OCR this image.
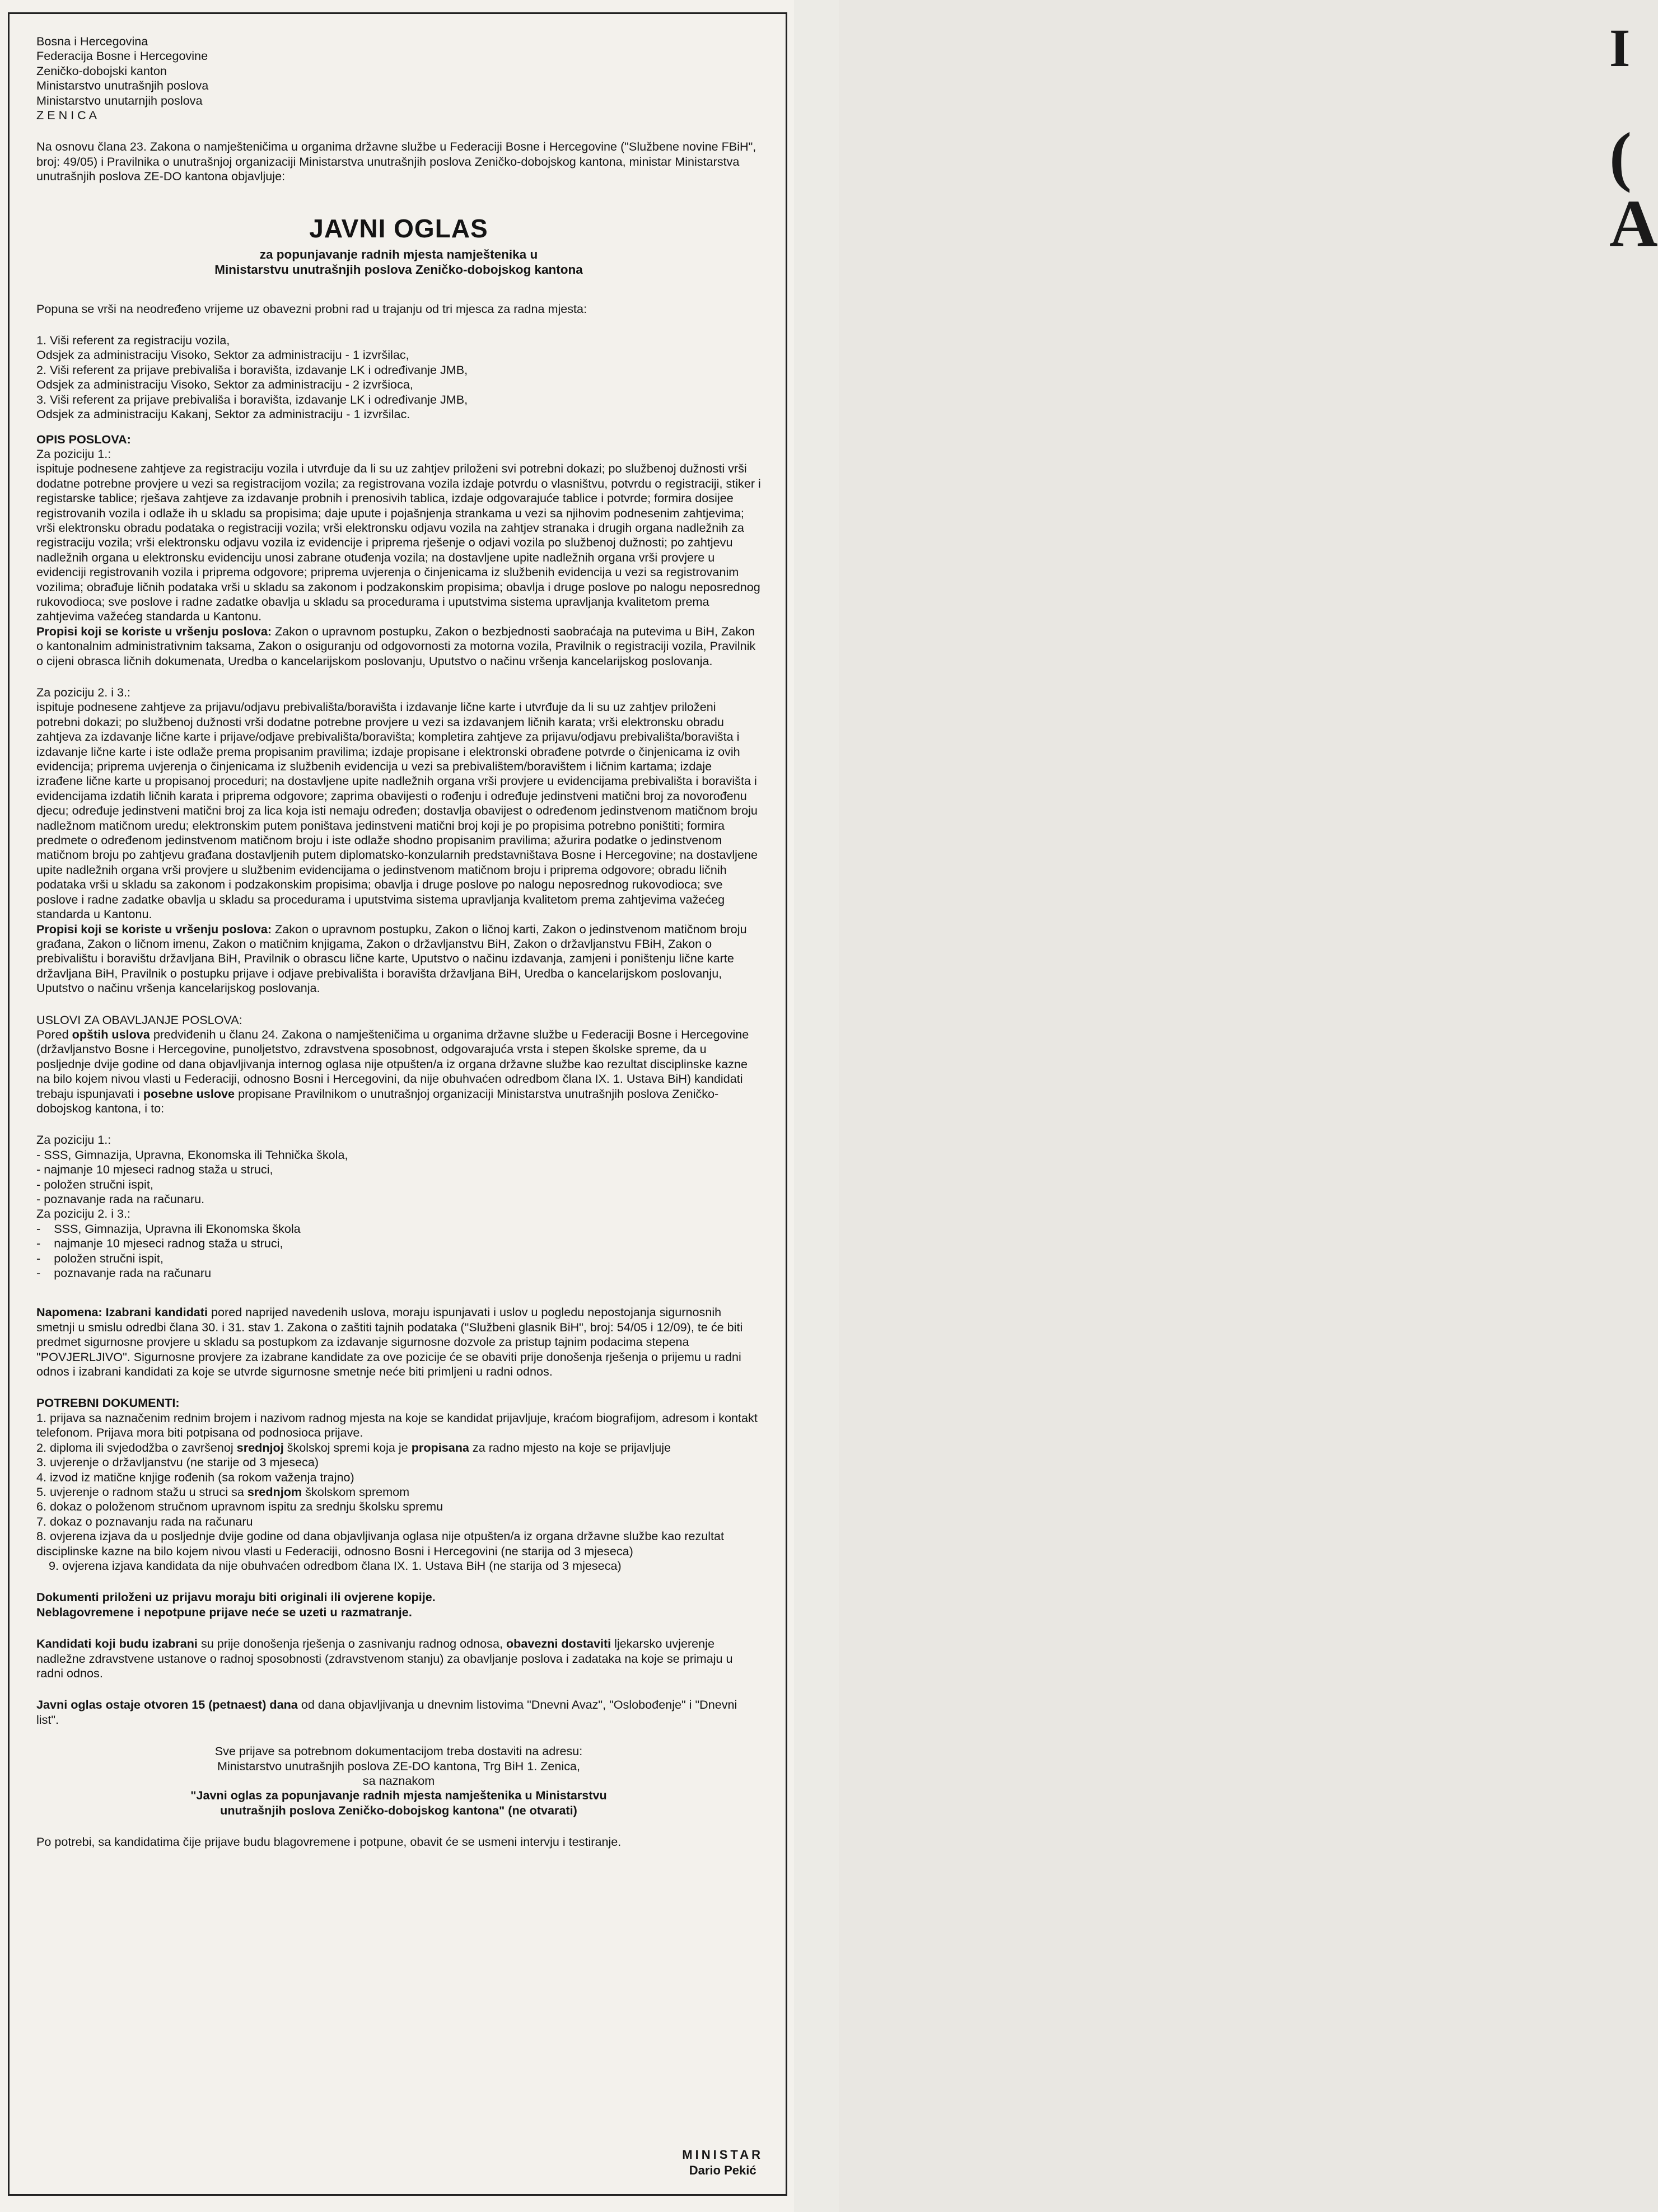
I
(
A
Bosna i Hercegovina
Federacija Bosne i Hercegovine
Zeničko-dobojski kanton
Ministarstvo unutrašnjih poslova
Ministarstvo unutarnjih poslova
Z E N I C A

Na osnovu člana 23. Zakona o namješteničima u organima državne službe u Federaciji Bosne i Hercegovine ("Službene novine FBiH", broj: 49/05) i Pravilnika o unutrašnjoj organizaciji Ministarstva unutrašnjih poslova Zeničko-dobojskog kantona, ministar Ministarstva unutrašnjih poslova ZE-DO kantona objavljuje:

JAVNI OGLAS
za popunjavanje radnih mjesta namještenika u
Ministarstvu unutrašnjih poslova Zeničko-dobojskog kantona

Popuna se vrši na neodređeno vrijeme uz obavezni probni rad u trajanju od tri mjesca za radna mjesta:

1. Viši referent za registraciju vozila,
Odsjek za administraciju Visoko, Sektor za administraciju - 1 izvršilac,
2. Viši referent za prijave prebivališa i boravišta, izdavanje LK i određivanje JMB,
Odsjek za administraciju Visoko, Sektor za administraciju - 2 izvršioca,
3. Viši referent za prijave prebivališa i boravišta, izdavanje LK i određivanje JMB,
Odsjek za administraciju Kakanj, Sektor za administraciju - 1 izvršilac.

OPIS POSLOVA:

Za poziciju 1.:

ispituje podnesene zahtjeve za registraciju vozila i utvrđuje da li su uz zahtjev priloženi svi potrebni dokazi; po službenoj dužnosti vrši dodatne potrebne provjere u vezi sa registracijom vozila; za registrovana vozila izdaje potvrdu o vlasništvu, potvrdu o registraciji, stiker i registarske tablice; rješava zahtjeve za izdavanje probnih i prenosivih tablica, izdaje odgovarajuće tablice i potvrde; formira dosijee registrovanih vozila i odlaže ih u skladu sa propisima; daje upute i pojašnjenja strankama u vezi sa njihovim podnesenim zahtjevima; vrši elektronsku obradu podataka o registraciji vozila; vrši elektronsku odjavu vozila na zahtjev stranaka i drugih organa nadležnih za registraciju vozila; vrši elektronsku odjavu vozila iz evidencije i priprema rješenje o odjavi vozila po službenoj dužnosti; po zahtjevu nadležnih organa u elektronsku evidenciju unosi zabrane otuđenja vozila; na dostavljene upite nadležnih organa vrši provjere u evidenciji registrovanih vozila i priprema odgovore; priprema uvjerenja o činjenicama iz službenih evidencija u vezi sa registrovanim vozilima; obrađuje ličnih podataka vrši u skladu sa zakonom i podzakonskim propisima; obavlja i druge poslove po nalogu neposrednog rukovodioca; sve poslove i radne zadatke obavlja u skladu sa procedurama i uputstvima sistema upravljanja kvalitetom prema zahtjevima važećeg standarda u Kantonu.

Propisi koji se koriste u vršenju poslova: Zakon o upravnom postupku, Zakon o bezbjednosti saobraćaja na putevima u BiH, Zakon o kantonalnim administrativnim taksama, Zakon o osiguranju od odgovornosti za motorna vozila, Pravilnik o registraciji vozila, Pravilnik o cijeni obrasca ličnih dokumenata, Uredba o kancelarijskom poslovanju, Uputstvo o načinu vršenja kancelarijskog poslovanja.

Za poziciju 2. i 3.:

ispituje podnesene zahtjeve za prijavu/odjavu prebivališta/boravišta i izdavanje lične karte i utvrđuje da li su uz zahtjev priloženi potrebni dokazi; po službenoj dužnosti vrši dodatne potrebne provjere u vezi sa izdavanjem ličnih karata; vrši elektronsku obradu zahtjeva za izdavanje lične karte i prijave/odjave prebivališta/boravišta; kompletira zahtjeve za prijavu/odjavu prebivališta/boravišta i izdavanje lične karte i iste odlaže prema propisanim pravilima; izdaje propisane i elektronski obrađene potvrde o činjenicama iz ovih evidencija; priprema uvjerenja o činjenicama iz službenih evidencija u vezi sa prebivalištem/boravištem i ličnim kartama; izdaje izrađene lične karte u propisanoj proceduri; na dostavljene upite nadležnih organa vrši provjere u evidencijama prebivališta i boravišta i evidencijama izdatih ličnih karata i priprema odgovore; zaprima obavijesti o rođenju i određuje jedinstveni matični broj za novorođenu djecu; određuje jedinstveni matični broj za lica koja isti nemaju određen; dostavlja obavijest o određenom jedinstvenom matičnom broju nadležnom matičnom uredu; elektronskim putem poništava jedinstveni matični broj koji je po propisima potrebno poništiti; formira predmete o određenom jedinstvenom matičnom broju i iste odlaže shodno propisanim pravilima; ažurira podatke o jedinstvenom matičnom broju po zahtjevu građana dostavljenih putem diplomatsko-konzularnih predstavništava Bosne i Hercegovine; na dostavljene upite nadležnih organa vrši provjere u službenim evidencijama o jedinstvenom matičnom broju i priprema odgovore; obradu ličnih podataka vrši u skladu sa zakonom i podzakonskim propisima; obavlja i druge poslove po nalogu neposrednog rukovodioca; sve poslove i radne zadatke obavlja u skladu sa procedurama i uputstvima sistema upravljanja kvalitetom prema zahtjevima važećeg standarda u Kantonu.

Propisi koji se koriste u vršenju poslova: Zakon o upravnom postupku, Zakon o ličnoj karti, Zakon o jedinstvenom matičnom broju građana, Zakon o ličnom imenu, Zakon o matičnim knjigama, Zakon o državljanstvu BiH, Zakon o državljanstvu FBiH, Zakon o prebivalištu i boravištu državljana BiH, Pravilnik o obrascu lične karte, Uputstvo o načinu izdavanja, zamjeni i poništenju lične karte državljana BiH, Pravilnik o postupku prijave i odjave prebivališta i boravišta državljana BiH, Uredba o kancelarijskom poslovanju, Uputstvo o načinu vršenja kancelarijskog poslovanja.

USLOVI ZA OBAVLJANJE POSLOVA:

Pored opštih uslova predviđenih u članu 24. Zakona o namješteničima u organima državne službe u Federaciji Bosne i Hercegovine (državljanstvo Bosne i Hercegovine, punoljetstvo, zdravstvena sposobnost, odgovarajuća vrsta i stepen školske spreme, da u posljednje dvije godine od dana objavljivanja internog oglasa nije otpušten/a iz organa državne službe kao rezultat disciplinske kazne na bilo kojem nivou vlasti u Federaciji, odnosno Bosni i Hercegovini, da nije obuhvaćen odredbom člana IX. 1. Ustava BiH) kandidati trebaju ispunjavati i posebne uslove propisane Pravilnikom o unutrašnjoj organizaciji Ministarstva unutrašnjih poslova Zeničko-dobojskog kantona, i to:

Za poziciju 1.:

- SSS, Gimnazija, Upravna, Ekonomska ili Tehnička škola,
- najmanje 10 mjeseci radnog staža u struci,
- položen stručni ispit,
- poznavanje rada na računaru.

Za poziciju 2. i 3.:

-    SSS, Gimnazija, Upravna ili Ekonomska škola
-    najmanje 10 mjeseci radnog staža u struci,
-    položen stručni ispit,
-    poznavanje rada na računaru

Napomena: Izabrani kandidati pored naprijed navedenih uslova, moraju ispunjavati i uslov u pogledu nepostojanja sigurnosnih smetnji u smislu odredbi člana 30. i 31. stav 1. Zakona o zaštiti tajnih podataka ("Službeni glasnik BiH", broj: 54/05 i 12/09), te će biti predmet sigurnosne provjere u skladu sa postupkom za izdavanje sigurnosne dozvole za pristup tajnim podacima stepena "POVJERLJIVO". Sigurnosne provjere za izabrane kandidate za ove pozicije će se obaviti prije donošenja rješenja o prijemu u radni odnos i izabrani kandidati za koje se utvrde sigurnosne smetnje neće biti primljeni u radni odnos.

POTREBNI DOKUMENTI:

1. prijava sa naznačenim rednim brojem i nazivom radnog mjesta na koje se kandidat prijavljuje, kraćom biografijom, adresom i kontakt telefonom. Prijava mora biti potpisana od podnosioca prijave.

2. diploma ili svjedodžba o završenoj srednjoj školskoj spremi koja je propisana za radno mjesto na koje se prijavljuje

3. uvjerenje o državljanstvu (ne starije od 3 mjeseca)

4. izvod iz matične knjige rođenih (sa rokom važenja trajno)

5. uvjerenje o radnom stažu u struci sa srednjom školskom spremom

6. dokaz o položenom stručnom upravnom ispitu za srednju školsku spremu

7. dokaz o poznavanju rada na računaru

8. ovjerena izjava da u posljednje dvije godine od dana objavljivanja oglasa nije otpušten/a iz organa državne službe kao rezultat disciplinske kazne na bilo kojem nivou vlasti u Federaciji, odnosno Bosni i Hercegovini (ne starija od 3 mjeseca)

9. ovjerena izjava kandidata da nije obuhvaćen odredbom člana IX. 1. Ustava BiH (ne starija od 3 mjeseca)

Dokumenti priloženi uz prijavu moraju biti originali ili ovjerene kopije.

Neblagovremene i nepotpune prijave neće se uzeti u razmatranje.

Kandidati koji budu izabrani su prije donošenja rješenja o zasnivanju radnog odnosa, obavezni dostaviti ljekarsko uvjerenje nadležne zdravstvene ustanove o radnoj sposobnosti (zdravstvenom stanju) za obavljanje poslova i zadataka na koje se primaju u radni odnos.

Javni oglas ostaje otvoren 15 (petnaest) dana od dana objavljivanja u dnevnim listovima "Dnevni Avaz", "Oslobođenje" i "Dnevni list".

Sve prijave sa potrebnom dokumentacijom treba dostaviti na adresu:

Ministarstvo unutrašnjih poslova ZE-DO kantona, Trg BiH 1. Zenica,

sa naznakom

"Javni oglas za popunjavanje radnih mjesta namještenika u Ministarstvu

unutrašnjih poslova Zeničko-dobojskog kantona" (ne otvarati)

Po potrebi, sa kandidatima čije prijave budu blagovremene i potpune, obavit će se usmeni intervju i testiranje.

MINISTAR
Dario Pekić
